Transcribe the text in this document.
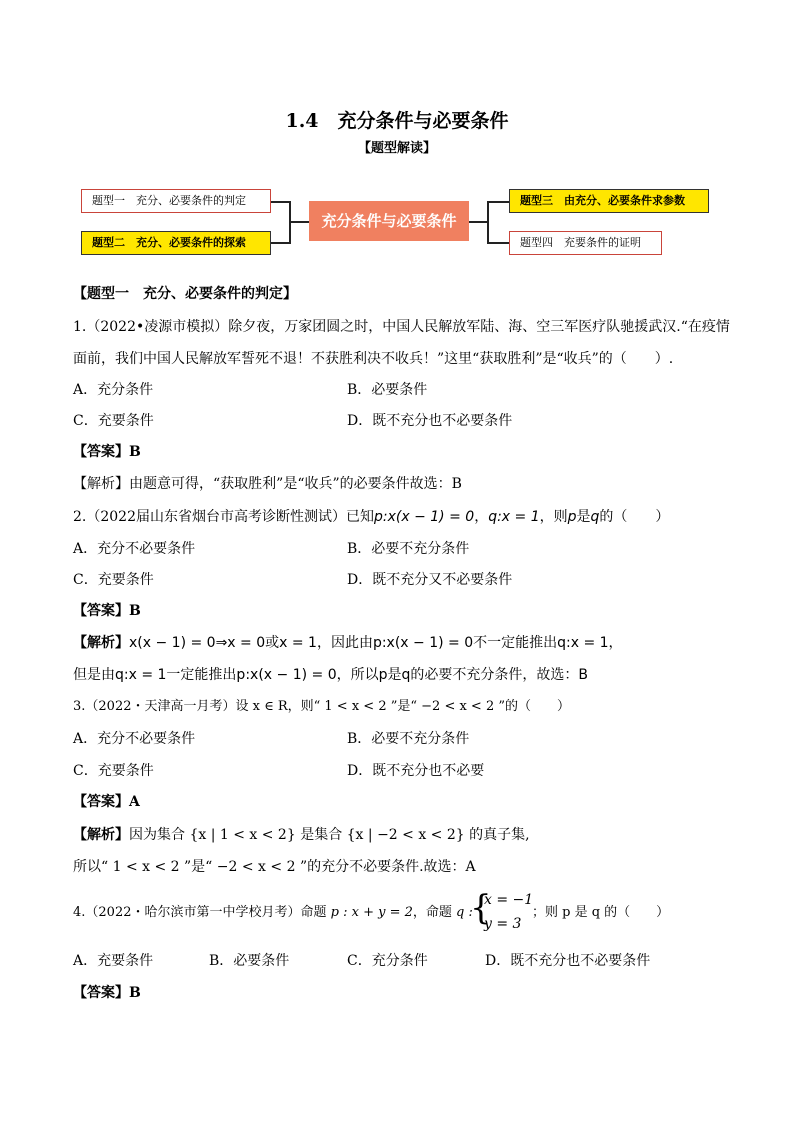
1.4　充分条件与必要条件
【题型解读】
题型一　充分、必要条件的判定
题型二　充分、必要条件的探索
充分条件与必要条件
题型三　由充分、必要条件求参数
题型四　充要条件的证明
【题型一　充分、必要条件的判定】
1.（2022•凌源市模拟）除夕夜，万家团圆之时，中国人民解放军陆、海、空三军医疗队驰援武汉.“在疫情
面前，我们中国人民解放军誓死不退！不获胜利决不收兵！”这里“获取胜利”是“收兵”的（　　）.
A．充分条件	B．必要条件
C．充要条件	D．既不充分也不必要条件
【答案】B
【解析】由题意可得，“获取胜利”是“收兵”的必要条件故选：B
2.（2022届山东省烟台市高考诊断性测试）已知p:x(x − 1) = 0，q:x = 1，则p是q的（　　）
A．充分不必要条件	B．必要不充分条件
C．充要条件	D．既不充分又不必要条件
【答案】B
【解析】x(x − 1) = 0⇒x = 0或x = 1，因此由p:x(x − 1) = 0不一定能推出q:x = 1，
但是由q:x = 1一定能推出p:x(x − 1) = 0，所以p是q的必要不充分条件，故选：B
3.（2022・天津高一月考）设 x ∈ R，则“ 1 < x < 2 ”是“ −2 < x < 2 ”的（　　）
A．充分不必要条件	B．必要不充分条件
C．充要条件	D．既不充分也不必要
【答案】A
【解析】因为集合 {x | 1 < x < 2} 是集合 {x | −2 < x < 2} 的真子集,
所以“ 1 < x < 2 ”是“ −2 < x < 2 ”的充分不必要条件.故选：A
4.（2022・哈尔滨市第一中学校月考）命题 p : x + y = 2，命题 q :
{
x = −1
y = 3
；则 p 是 q 的（　　）
A．充要条件	B．必要条件	C．充分条件	D．既不充分也不必要条件
【答案】B
